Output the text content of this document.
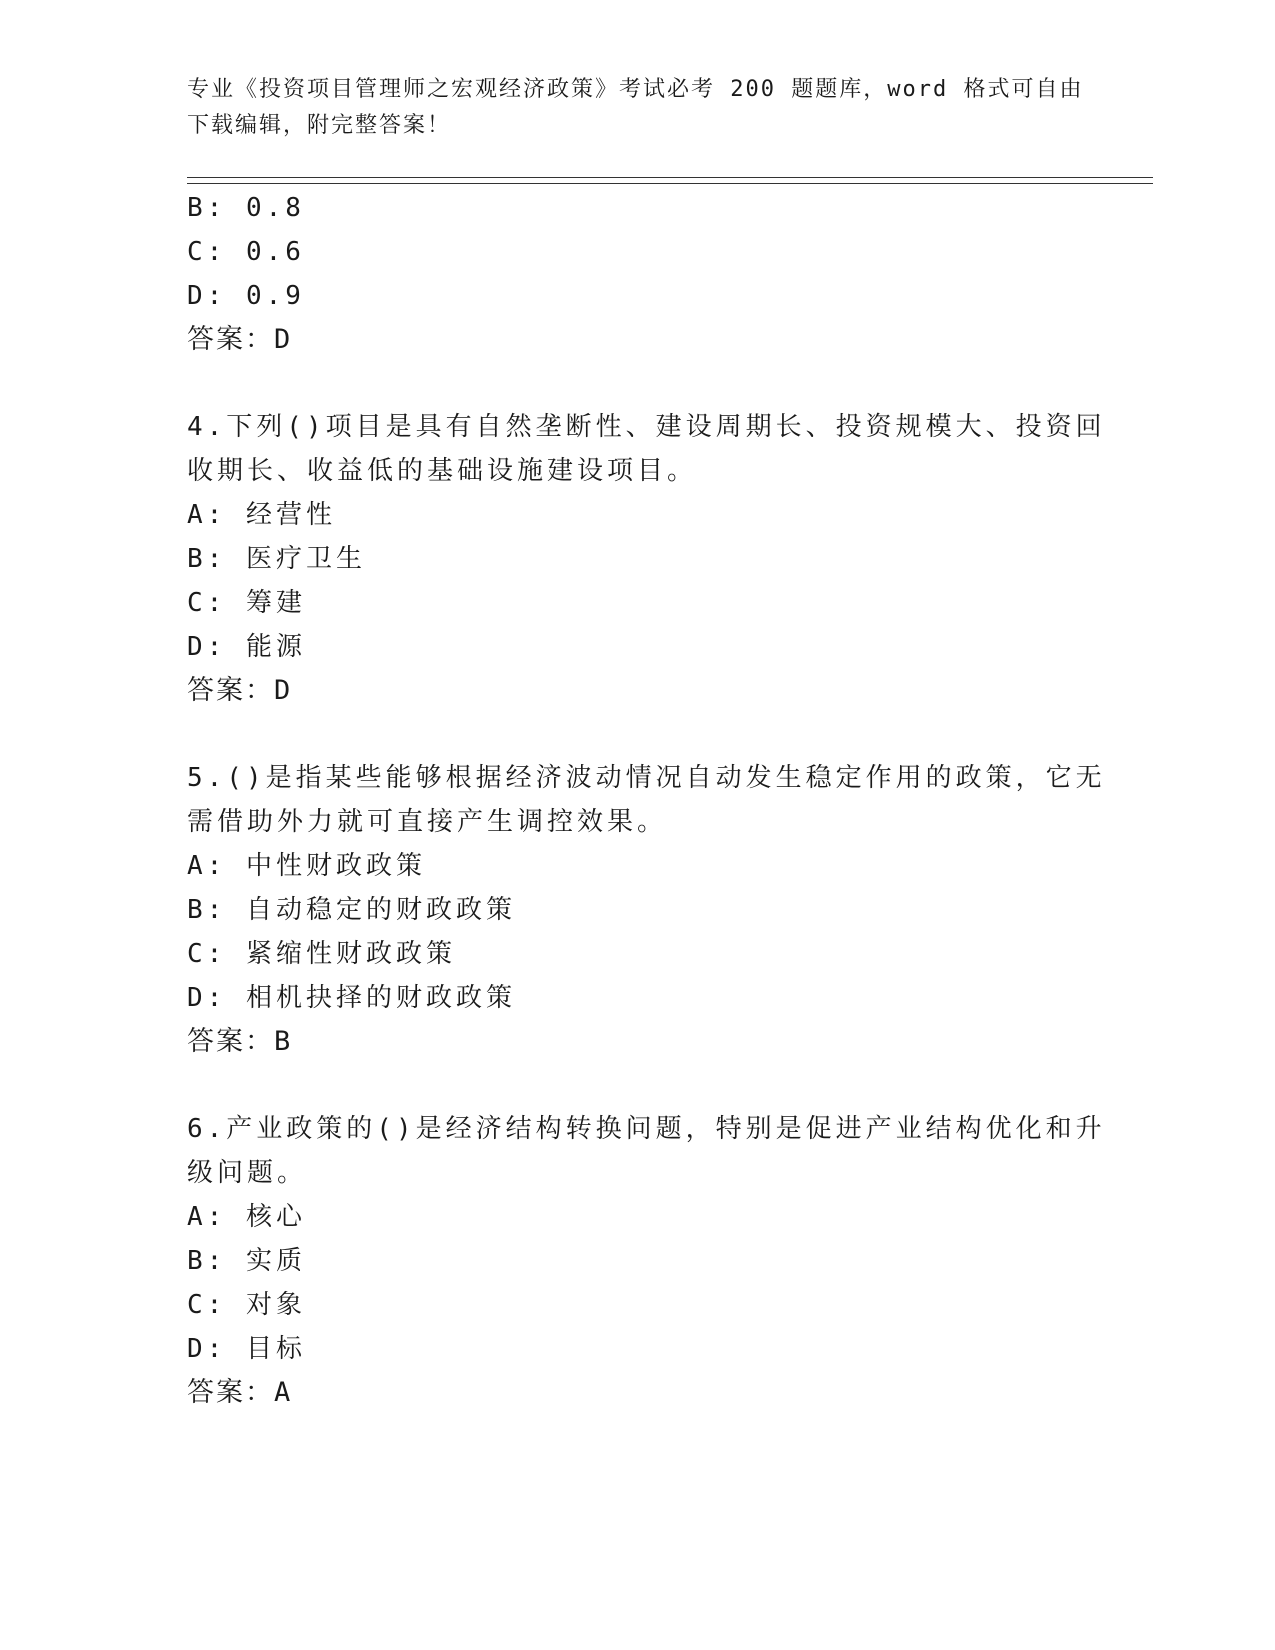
专业《投资项目管理师之宏观经济政策》考试必考 200 题题库，word 格式可自由
下载编辑，附完整答案！
B: 0.8
C: 0.6
D: 0.9
答案：D
4.下列()项目是具有自然垄断性、建设周期长、投资规模大、投资回
收期长、收益低的基础设施建设项目。
A: 经营性
B: 医疗卫生
C: 筹建
D: 能源
答案：D
5.()是指某些能够根据经济波动情况自动发生稳定作用的政策，它无
需借助外力就可直接产生调控效果。
A: 中性财政政策
B: 自动稳定的财政政策
C: 紧缩性财政政策
D: 相机抉择的财政政策
答案：B
6.产业政策的()是经济结构转换问题，特别是促进产业结构优化和升
级问题。
A: 核心
B: 实质
C: 对象
D: 目标
答案：A
